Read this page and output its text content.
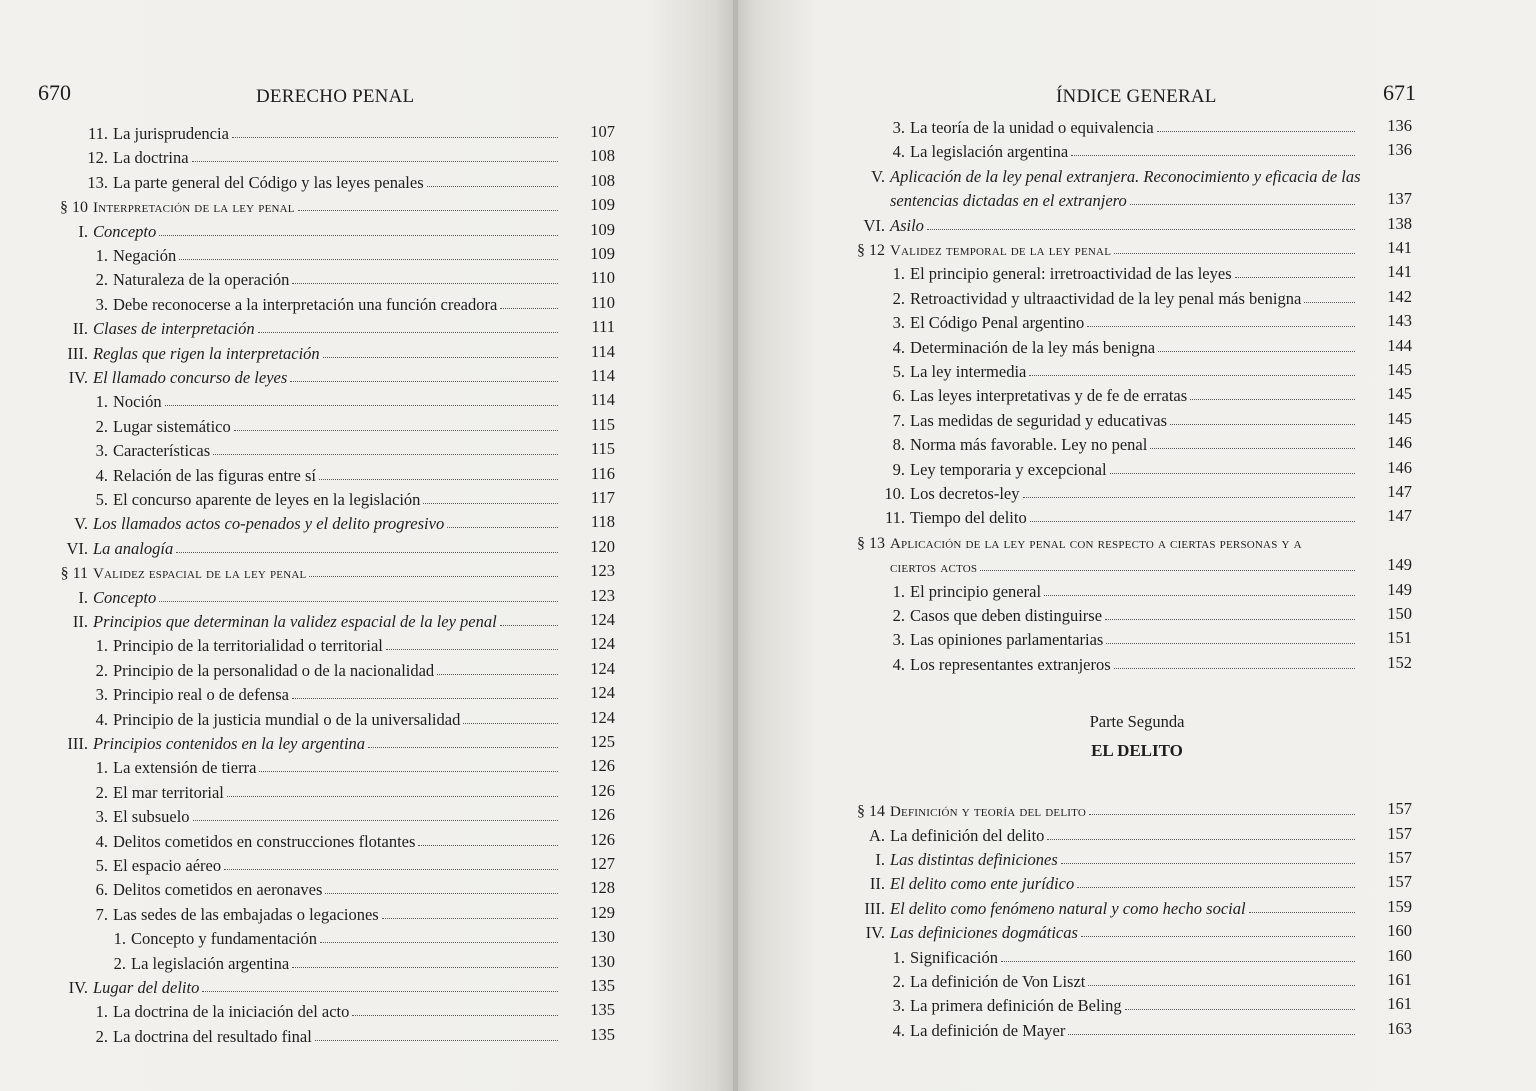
670	DERECHO PENAL
11. La jurisprudencia	107
12. La doctrina	108
13. La parte general del Código y las leyes penales	108
§ 10 Interpretación de la ley penal	109
I. Concepto	109
1. Negación	109
2. Naturaleza de la operación	110
3. Debe reconocerse a la interpretación una función creadora	110
II. Clases de interpretación	111
III. Reglas que rigen la interpretación	114
IV. El llamado concurso de leyes	114
1. Noción	114
2. Lugar sistemático	115
3. Características	115
4. Relación de las figuras entre sí	116
5. El concurso aparente de leyes en la legislación	117
V. Los llamados actos co-penados y el delito progresivo	118
VI. La analogía	120
§ 11 Validez espacial de la ley penal	123
I. Concepto	123
II. Principios que determinan la validez espacial de la ley penal	124
1. Principio de la territorialidad o territorial	124
2. Principio de la personalidad o de la nacionalidad	124
3. Principio real o de defensa	124
4. Principio de la justicia mundial o de la universalidad	124
III. Principios contenidos en la ley argentina	125
1. La extensión de tierra	126
2. El mar territorial	126
3. El subsuelo	126
4. Delitos cometidos en construcciones flotantes	126
5. El espacio aéreo	127
6. Delitos cometidos en aeronaves	128
7. Las sedes de las embajadas o legaciones	129
1. Concepto y fundamentación	130
2. La legislación argentina	130
IV. Lugar del delito	135
1. La doctrina de la iniciación del acto	135
2. La doctrina del resultado final	135
ÍNDICE GENERAL	671
3. La teoría de la unidad o equivalencia	136
4. La legislación argentina	136
V. Aplicación de la ley penal extranjera. Reconocimiento y eficacia de las
sentencias dictadas en el extranjero	137
VI. Asilo	138
§ 12 Validez temporal de la ley penal	141
1. El principio general: irretroactividad de las leyes	141
2. Retroactividad y ultraactividad de la ley penal más benigna	142
3. El Código Penal argentino	143
4. Determinación de la ley más benigna	144
5. La ley intermedia	145
6. Las leyes interpretativas y de fe de erratas	145
7. Las medidas de seguridad y educativas	145
8. Norma más favorable. Ley no penal	146
9. Ley temporaria y excepcional	146
10. Los decretos-ley	147
11. Tiempo del delito	147
§ 13 Aplicación de la ley penal con respecto a ciertas personas y a
ciertos actos	149
1. El principio general	149
2. Casos que deben distinguirse	150
3. Las opiniones parlamentarias	151
4. Los representantes extranjeros	152
§ 14 Definición y teoría del delito	157
A. La definición del delito	157
I. Las distintas definiciones	157
II. El delito como ente jurídico	157
III. El delito como fenómeno natural y como hecho social	159
IV. Las definiciones dogmáticas	160
1. Significación	160
2. La definición de Von Liszt	161
3. La primera definición de Beling	161
4. La definición de Mayer	163
Parte Segunda
EL DELITO
